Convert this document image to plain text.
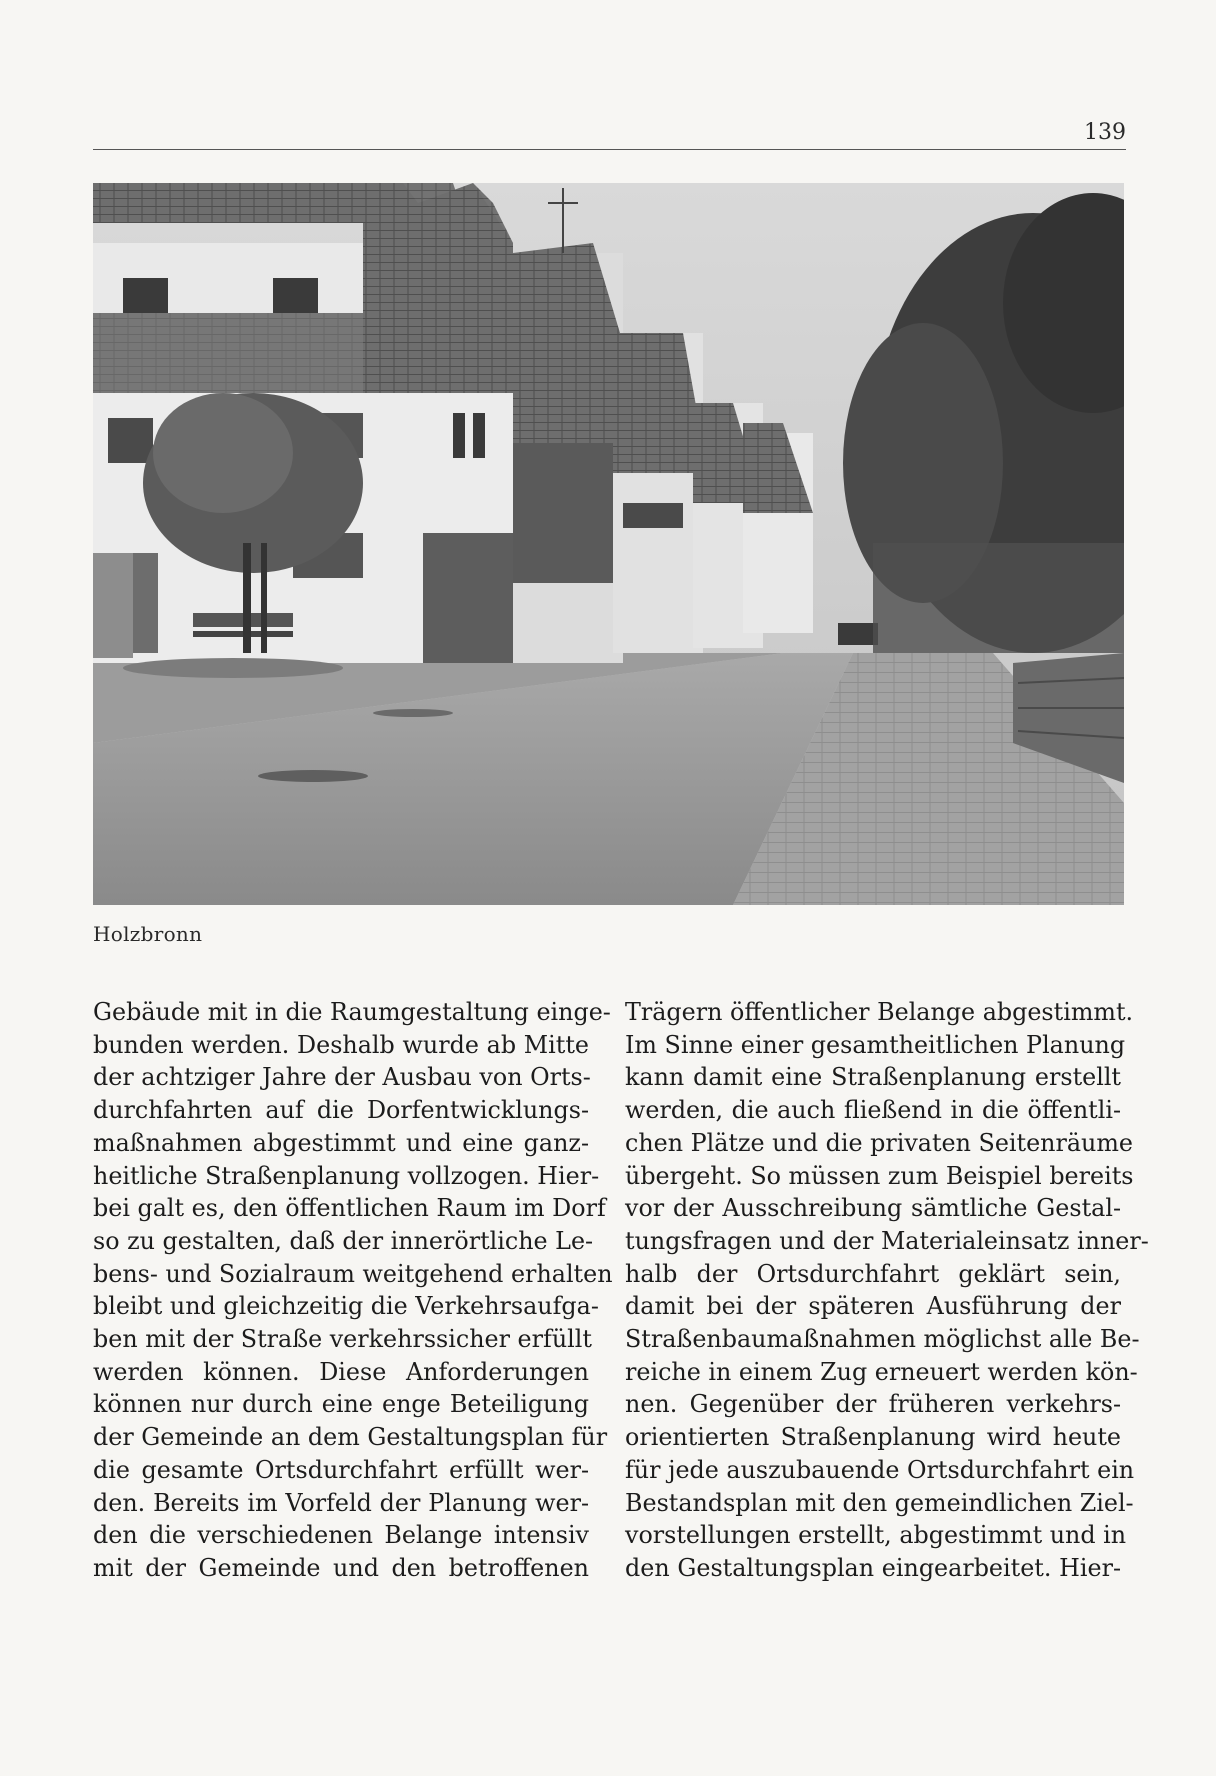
139
Holzbronn
Gebäude mit in die Raumgestaltung einge-
bunden werden. Deshalb wurde ab Mitte
der achtziger Jahre der Ausbau von Orts-
durchfahrten auf die Dorfentwicklungs-
maßnahmen abgestimmt und eine ganz-
heitliche Straßenplanung vollzogen. Hier-
bei galt es, den öffentlichen Raum im Dorf
so zu gestalten, daß der innerörtliche Le-
bens- und Sozialraum weitgehend erhalten
bleibt und gleichzeitig die Verkehrsaufga-
ben mit der Straße verkehrssicher erfüllt
werden können. Diese Anforderungen
können nur durch eine enge Beteiligung
der Gemeinde an dem Gestaltungsplan für
die gesamte Ortsdurchfahrt erfüllt wer-
den. Bereits im Vorfeld der Planung wer-
den die verschiedenen Belange intensiv
mit der Gemeinde und den betroffenen
Trägern öffentlicher Belange abgestimmt.
Im Sinne einer gesamtheitlichen Planung
kann damit eine Straßenplanung erstellt
werden, die auch fließend in die öffentli-
chen Plätze und die privaten Seitenräume
übergeht. So müssen zum Beispiel bereits
vor der Ausschreibung sämtliche Gestal-
tungsfragen und der Materialeinsatz inner-
halb der Ortsdurchfahrt geklärt sein,
damit bei der späteren Ausführung der
Straßenbaumaßnahmen möglichst alle Be-
reiche in einem Zug erneuert werden kön-
nen. Gegenüber der früheren verkehrs-
orientierten Straßenplanung wird heute
für jede auszubauende Ortsdurchfahrt ein
Bestandsplan mit den gemeindlichen Ziel-
vorstellungen erstellt, abgestimmt und in
den Gestaltungsplan eingearbeitet. Hier-
